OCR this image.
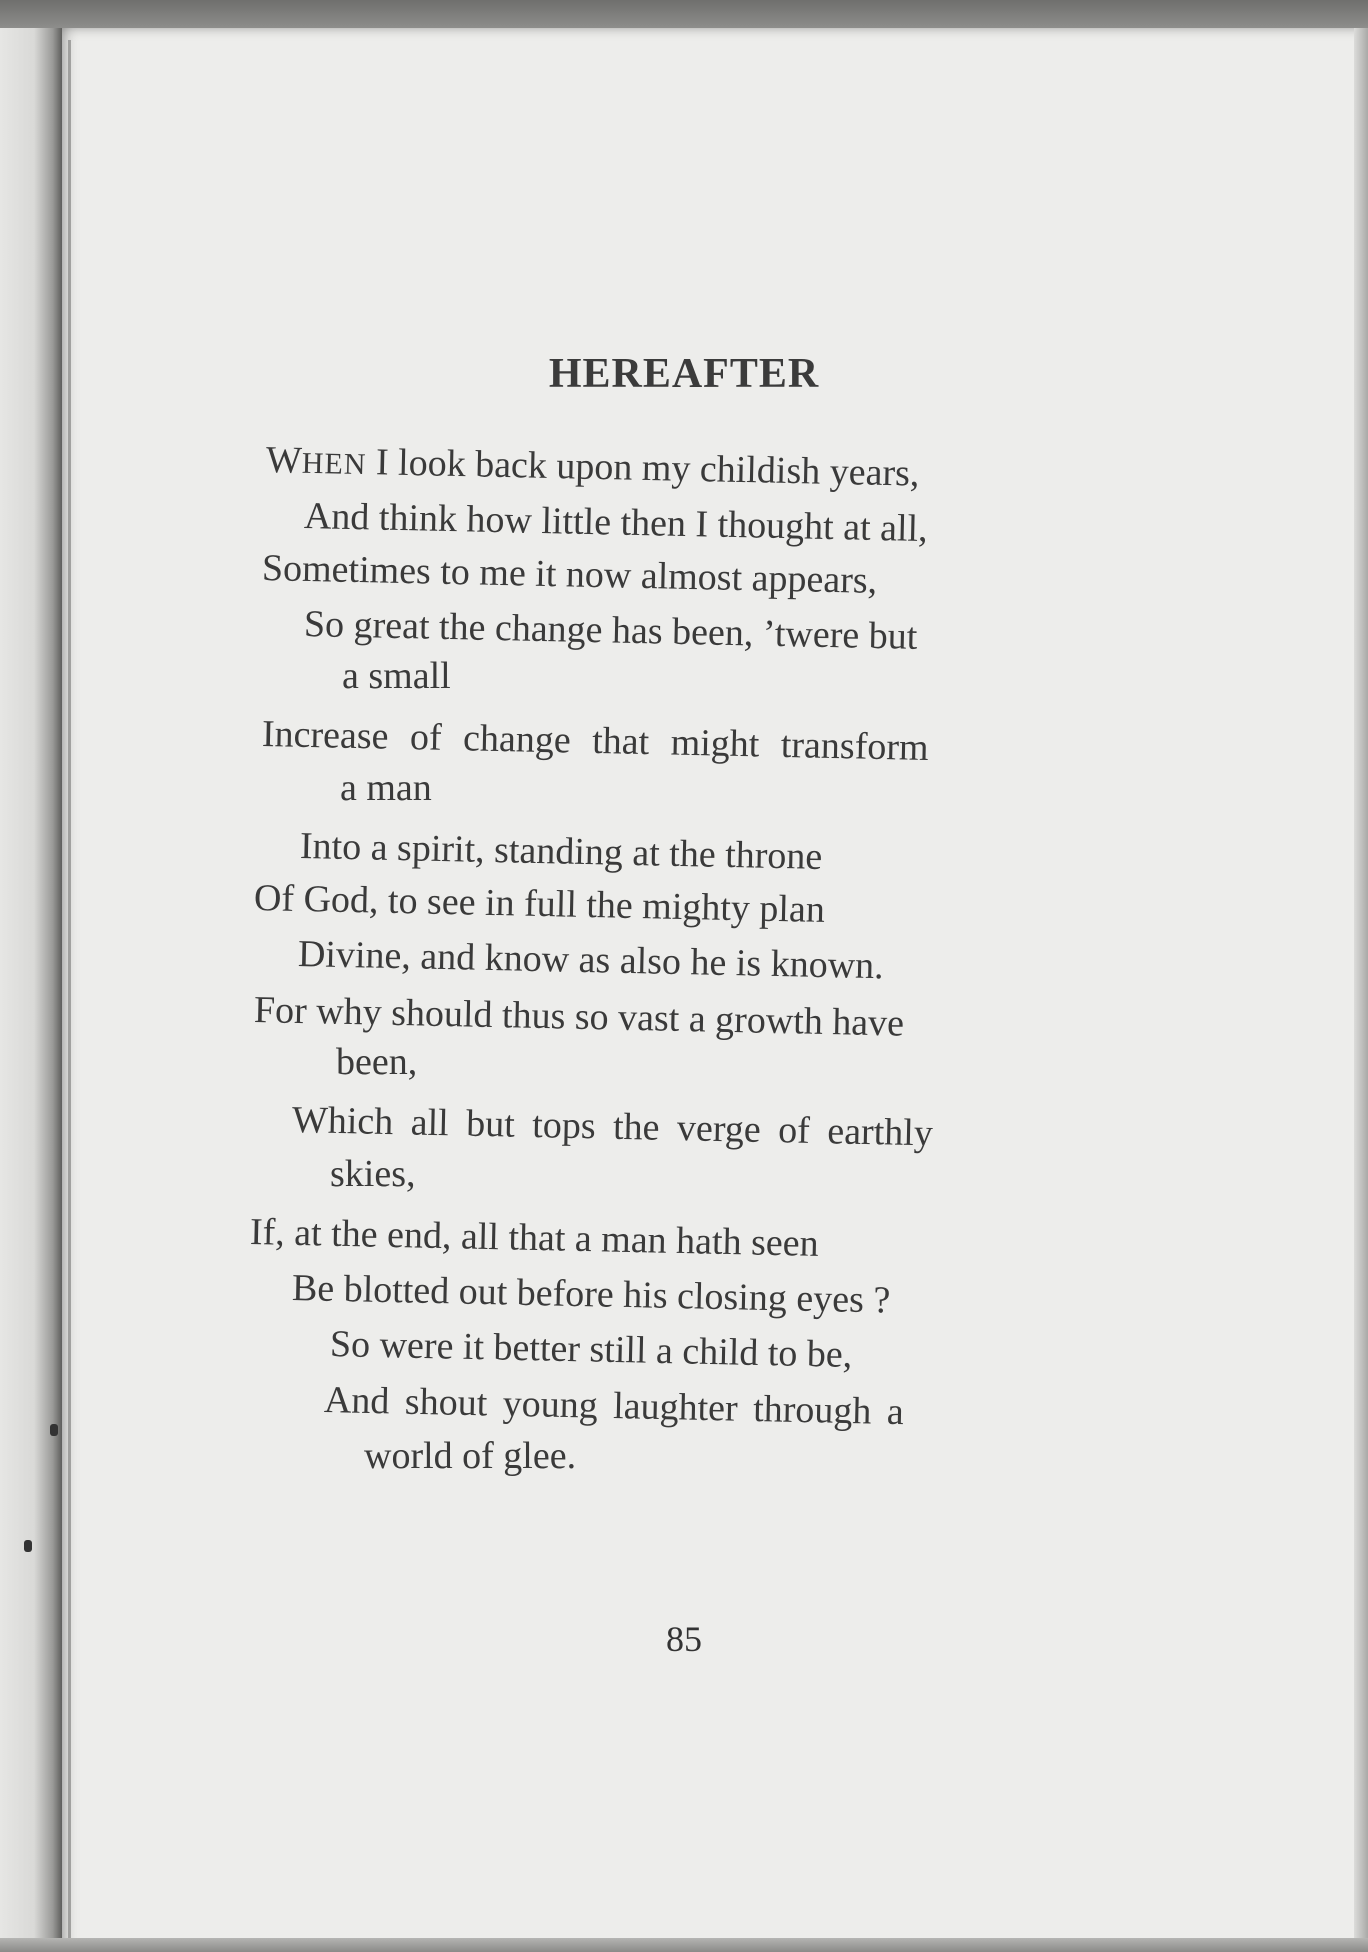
HEREAFTER

WHEN I look back upon my childish years,

And think how little then I thought at all,

Sometimes to me it now almost appears,

So great the change has been, ’twere but

a small

Increase of change that might transform

a man

Into a spirit, standing at the throne

Of God, to see in full the mighty plan

Divine, and know as also he is known.

For why should thus so vast a growth have

been,

Which all but tops the verge of earthly

skies,

If, at the end, all that a man hath seen

Be blotted out before his closing eyes ?

So were it better still a child to be,

And shout young laughter through a

world of glee.

85
